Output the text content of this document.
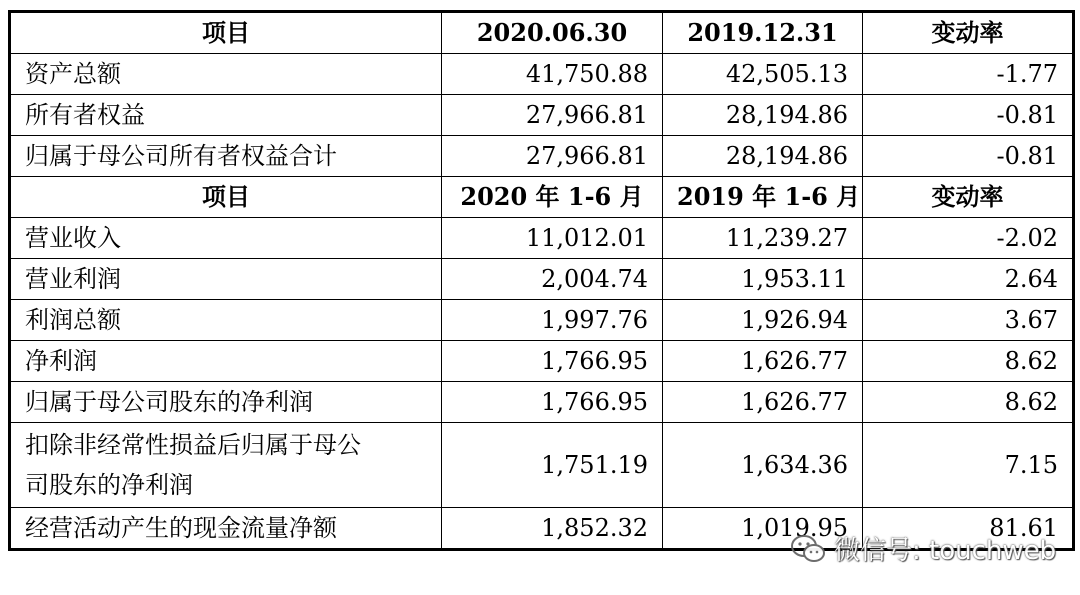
项目	2020.06.30	2019.12.31	变动率
资产总额	41,750.88	42,505.13	-1.77
所有者权益	27,966.81	28,194.86	-0.81
归属于母公司所有者权益合计	27,966.81	28,194.86	-0.81
项目	2020 年 1-6 月	2019 年 1-6 月	变动率
营业收入	11,012.01	11,239.27	-2.02
营业利润	2,004.74	1,953.11	2.64
利润总额	1,997.76	1,926.94	3.67
净利润	1,766.95	1,626.77	8.62
归属于母公司股东的净利润	1,766.95	1,626.77	8.62

扣除非经常性损益后归属于母公
司股东的净利润	1,751.19	1,634.36	7.15
经营活动产生的现金流量净额	1,852.32	1,019.95	81.61
微信号: touchweb
